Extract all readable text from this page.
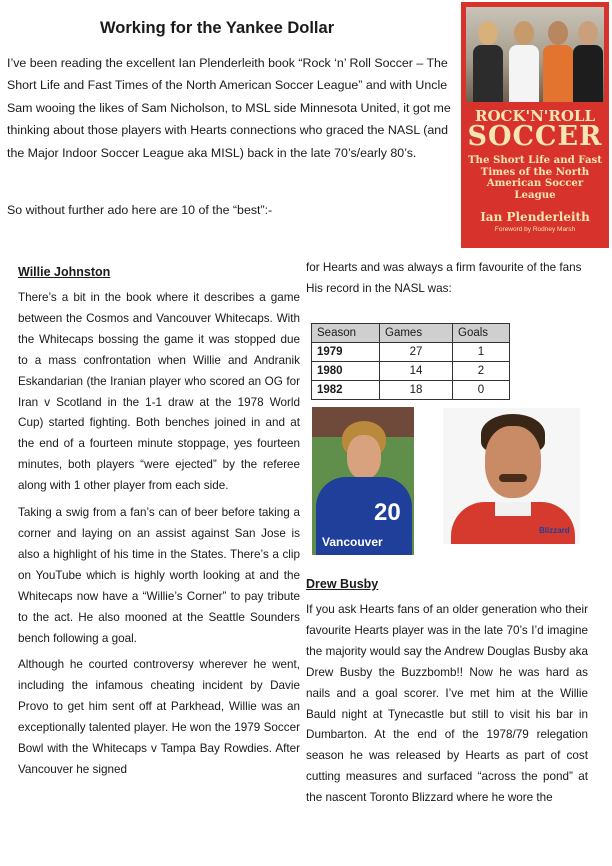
Working for the Yankee Dollar

I’ve been reading the excellent Ian Plenderleith book “Rock ‘n’ Roll Soccer – The Short Life and Fast Times of the North American Soccer League” and with Uncle Sam wooing the likes of Sam Nicholson, to MSL side Minnesota United, it got me thinking about those players with Hearts connections who graced the NASL (and the Major Indoor Soccer League aka MISL) back in the late 70’s/early 80’s.

So without further ado here are 10 of the “best”:-

ROCK'N'ROLL
SOCCER
The Short Life and Fast Times of the North American Soccer League
Ian Plenderleith
Foreword by Rodney Marsh
Willie Johnston

There’s a bit in the book where it describes a game between the Cosmos and Vancouver Whitecaps. With the Whitecaps bossing the game it was stopped due to a mass confrontation when Willie and Andranik Eskandarian (the Iranian player who scored an OG for Iran v Scotland in the 1-1 draw at the 1978 World Cup) started fighting. Both benches joined in and at the end of a fourteen minute stoppage, yes fourteen minutes, both players “were ejected” by the referee along with 1 other player from each side.

Taking a swig from a fan’s can of beer before taking a corner and laying on an assist against San Jose is also a highlight of his time in the States. There’s a clip on YouTube which is highly worth looking at and the Whitecaps now have a “Willie’s Corner” to pay tribute to the act. He also mooned at the Seattle Sounders bench following a goal.

Although he courted controversy wherever he went, including the infamous cheating incident by Davie Provo to get him sent off at Parkhead, Willie was an exceptionally talented player. He won the 1979 Soccer Bowl with the Whitecaps v Tampa Bay Rowdies. After Vancouver he signed

for Hearts and was always a firm favourite of the fans

His record in the NASL was:

Season	Games	Goals
1979	27	1
1980	14	2
1982	18	0
20
Vancouver
Blizzard
Drew Busby

If you ask Hearts fans of an older generation who their favourite Hearts player was in the late 70’s I’d imagine the majority would say the Andrew Douglas Busby aka Drew Busby the Buzzbomb!! Now he was hard as nails and a goal scorer. I’ve met him at the Willie Bauld night at Tynecastle but still to visit his bar in Dumbarton. At the end of the 1978/79 relegation season he was released by Hearts as part of cost cutting measures and surfaced “across the pond” at the nascent Toronto Blizzard where he wore the
